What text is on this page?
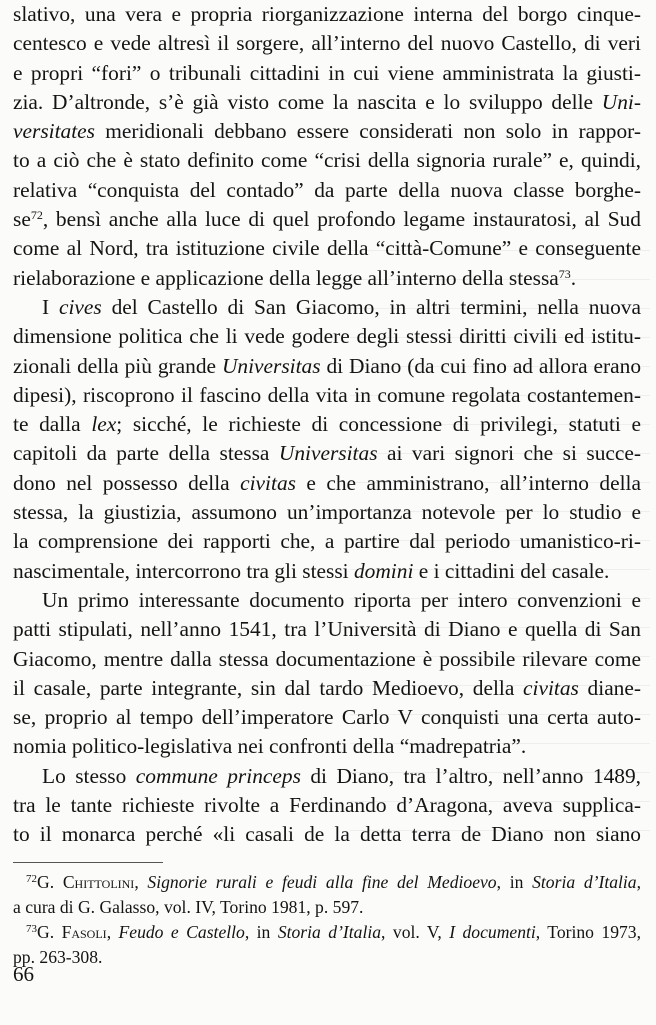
slativo, una vera e propria riorganizzazione interna del borgo cinque-
centesco e vede altresì il sorgere, all’interno del nuovo Castello, di veri
e propri “fori” o tribunali cittadini in cui viene amministrata la giusti-
zia. D’altronde, s’è già visto come la nascita e lo sviluppo delle Uni-
versitates meridionali debbano essere considerati non solo in rappor-
to a ciò che è stato definito come “crisi della signoria rurale” e, quindi,
relativa “conquista del contado” da parte della nuova classe borghe-
se$^{72}$, bensì anche alla luce di quel profondo legame instauratosi, al Sud
come al Nord, tra istituzione civile della “città-Comune” e conseguente
rielaborazione e applicazione della legge all’interno della stessa$^{73}$.
I cives del Castello di San Giacomo, in altri termini, nella nuova
dimensione politica che li vede godere degli stessi diritti civili ed istitu-
zionali della più grande Universitas di Diano (da cui fino ad allora erano
dipesi), riscoprono il fascino della vita in comune regolata costantemen-
te dalla lex; sicché, le richieste di concessione di privilegi, statuti e
capitoli da parte della stessa Universitas ai vari signori che si succe-
dono nel possesso della civitas e che amministrano, all’interno della
stessa, la giustizia, assumono un’importanza notevole per lo studio e
la comprensione dei rapporti che, a partire dal periodo umanistico-ri-
nascimentale, intercorrono tra gli stessi domini e i cittadini del casale.
Un primo interessante documento riporta per intero convenzioni e
patti stipulati, nell’anno 1541, tra l’Università di Diano e quella di San
Giacomo, mentre dalla stessa documentazione è possibile rilevare come
il casale, parte integrante, sin dal tardo Medioevo, della civitas diane-
se, proprio al tempo dell’imperatore Carlo V conquisti una certa auto-
nomia politico-legislativa nei confronti della “madrepatria”.
Lo stesso commune princeps di Diano, tra l’altro, nell’anno 1489,
tra le tante richieste rivolte a Ferdinando d’Aragona, aveva supplica-
to il monarca perché «li casali de la detta terra de Diano non siano
$^{72}$G. Chittolini, Signorie rurali e feudi alla fine del Medioevo, in Storia d’Italia,
a cura di G. Galasso, vol. IV, Torino 1981, p. 597.
$^{73}$G. Fasoli, Feudo e Castello, in Storia d’Italia, vol. V, I documenti, Torino 1973,
pp. 263-308.
66
